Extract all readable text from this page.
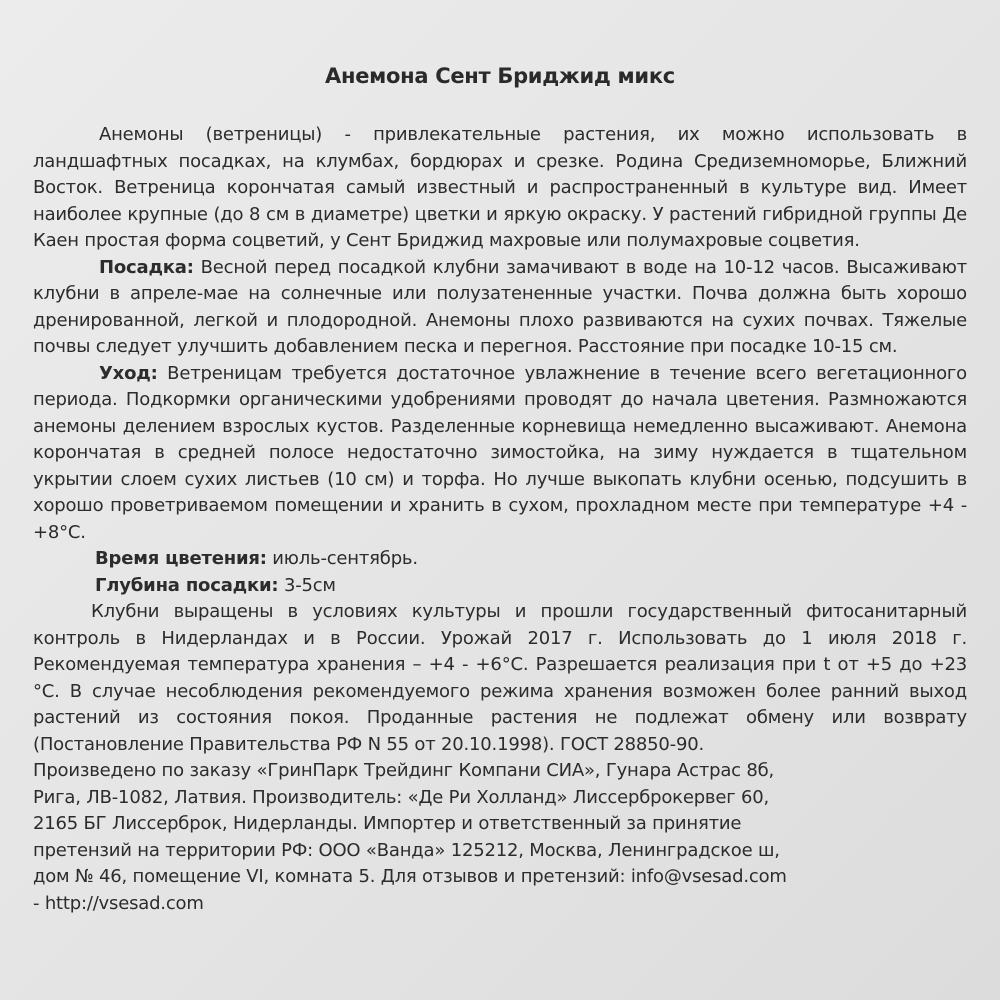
Анемона Сент Бриджид микс

Анемоны (ветреницы) - привлекательные растения, их можно использовать в ландшафтных посадках, на клумбах, бордюрах и срезке. Родина Средиземноморье, Ближний Восток. Ветреница корончатая самый известный и распространенный в культуре вид. Имеет наиболее крупные (до 8 см в диаметре) цветки и яркую окраску. У растений гибридной группы Де Каен простая форма соцветий, у Сент Бриджид махровые или полумахровые соцветия.

Посадка: Весной перед посадкой клубни замачивают в воде на 10-12 часов. Высаживают клубни в апреле-мае на солнечные или полузатененные участки. Почва должна быть хорошо дренированной, легкой и плодородной. Анемоны плохо развиваются на сухих почвах. Тяжелые почвы следует улучшить добавлением песка и перегноя. Расстояние при посадке 10-15 см.

Уход: Ветреницам требуется достаточное увлажнение в течение всего вегетационного периода. Подкормки органическими удобрениями проводят до начала цветения. Размножаются анемоны делением взрослых кустов. Разделенные корневища немедленно высаживают. Анемона корончатая в средней полосе недостаточно зимостойка, на зиму нуждается в тщательном укрытии слоем сухих листьев (10 см) и торфа. Но лучше выкопать клубни осенью, подсушить в хорошо проветриваемом помещении и хранить в сухом, прохладном месте при температуре +4 -+8°С.

Время цветения: июль-сентябрь.

Глубина посадки: 3-5см

Клубни выращены в условиях культуры и прошли государственный фитосанитарный контроль в Нидерландах и в России. Урожай 2017 г. Использовать до 1 июля 2018 г. Рекомендуемая температура хранения – +4 - +6°С. Разрешается реализация при t от +5 до +23 °С. В случае несоблюдения рекомендуемого режима хранения возможен более ранний выход растений из состояния покоя. Проданные растения не подлежат обмену или возврату (Постановление Правительства РФ N 55 от 20.10.1998). ГОСТ 28850-90.

Произведено по заказу «ГринПарк Трейдинг Компани СИА», Гунара Астрас 8б, Рига, ЛВ-1082, Латвия. Производитель: «Де Ри Холланд» Лиссерброкервег 60, 2165 БГ Лиссерброк, Нидерланды. Импортер и ответственный за принятие претензий на территории РФ: ООО «Ванда» 125212, Москва, Ленинградское ш, дом № 46, помещение VI, комната 5. Для отзывов и претензий: info@vsesad.com - http://vsesad.com
